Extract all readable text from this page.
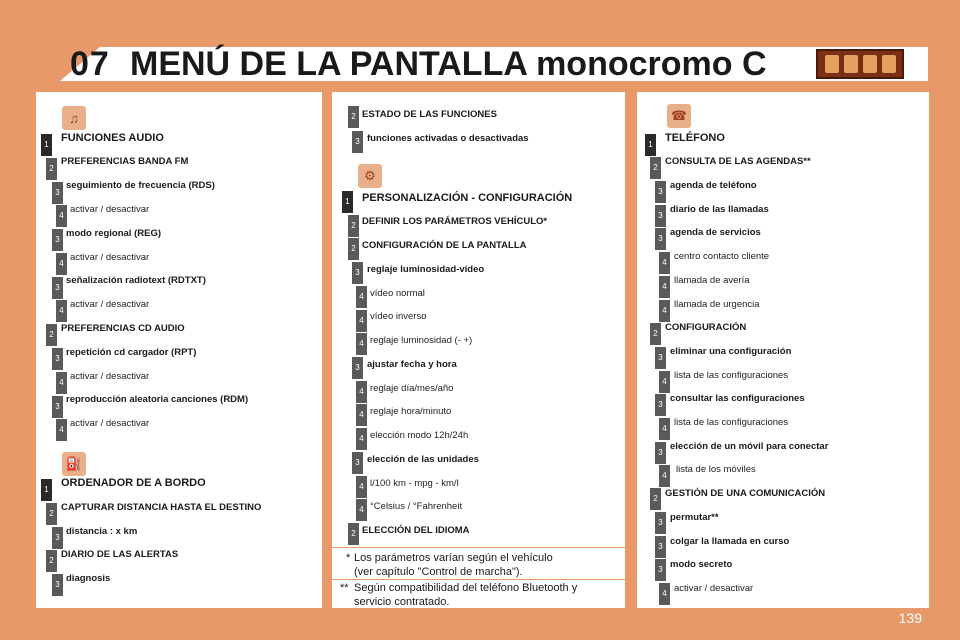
07 MENÚ DE LA PANTALLA monocromo C
♫
1
FUNCIONES AUDIO
2
PREFERENCIAS BANDA FM
3
seguimiento de frecuencia (RDS)
4
activar / desactivar
3
modo regional (REG)
4
activar / desactivar
3
señalización radiotext (RDTXT)
4
activar / desactivar
2
PREFERENCIAS CD AUDIO
3
repetición cd cargador (RPT)
4
activar / desactivar
3
reproducción aleatoria canciones (RDM)
4
activar / desactivar
⛽
1
ORDENADOR DE A BORDO
2
CAPTURAR DISTANCIA HASTA EL DESTINO
3
distancia : x km
2
DIARIO DE LAS ALERTAS
3
diagnosis
2 ESTADO DE LAS FUNCIONES
3 funciones activadas o desactivadas
⚙
1 PERSONALIZACIÓN - CONFIGURACIÓN
2 DEFINIR LOS PARÁMETROS VEHÍCULO*
2 CONFIGURACIÓN DE LA PANTALLA
3 reglaje luminosidad-vídeo
4 vídeo normal
4 vídeo inverso
4 reglaje luminosidad (- +)
3 ajustar fecha y hora
4 reglaje día/mes/año
4 reglaje hora/minuto
4 elección modo 12h/24h
3 elección de las unidades
4 l/100 km - mpg - km/l
4 °Celsius / °Fahrenheit
2 ELECCIÓN DEL IDIOMA
* Los parámetros varían según el vehículo
(ver capítulo "Control de marcha").
** Según compatibilidad del teléfono Bluetooth y
servicio contratado.
☎
1
TELÉFONO
2
CONSULTA DE LAS AGENDAS**
3
agenda de teléfono
3
diario de las llamadas
3
agenda de servicios
4
centro contacto cliente
4
llamada de avería
4
llamada de urgencia
2
CONFIGURACIÓN
3
eliminar una configuración
4
lista de las configuraciones
3
consultar las configuraciones
4
lista de las configuraciones
3
elección de un móvil para conectar
4
lista de los móviles
2 GESTIÓN DE UNA COMUNICACIÓN
3 permutar**
3 colgar la llamada en curso
3 modo secreto
4 activar / desactivar
139
